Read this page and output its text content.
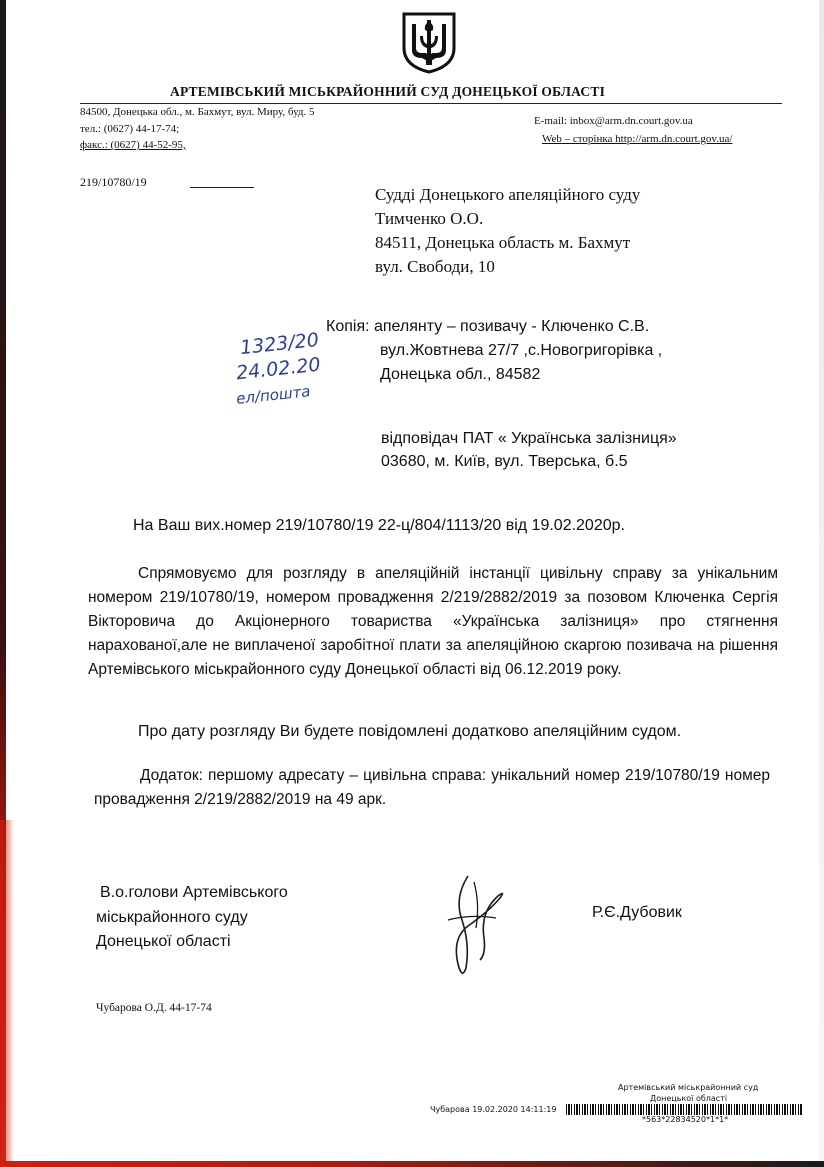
АРТЕМІВСЬКИЙ МІСЬКРАЙОННИЙ СУД ДОНЕЦЬКОЇ ОБЛАСТІ
84500, Донецька обл., м. Бахмут, вул. Миру, буд. 5
тел.: (0627) 44-17-74;
факс.: (0627) 44-52-95,
E-mail: inbox@arm.dn.court.gov.ua
Web – сторінка http://arm.dn.court.gov.ua/
219/10780/19
Судді Донецького апеляційного суду
Тимченко О.О.
84511, Донецька область м. Бахмут
вул. Свободи, 10
Копія: апелянту – позивачу - Ключенко С.В.
вул.Жовтнева 27/7 ,с.Новогригорівка ,
Донецька обл., 84582
1323/20
24.02.20
ел/пошта
відповідач ПАТ « Українська залізниця»
03680, м. Київ, вул. Тверська, б.5
На Ваш вих.номер 219/10780/19 22-ц/804/1113/20 від 19.02.2020р.
Спрямовуємо для розгляду в апеляційній інстанції цивільну справу за унікальним номером 219/10780/19, номером провадження 2/219/2882/2019 за позовом Ключенка Сергія Вікторовича до Акціонерного товариства «Українська залізниця» про стягнення нарахованої,але не виплаченої заробітної плати за апеляційною скаргою позивача на рішення Артемівського міськрайонного суду Донецької області від 06.12.2019 року.
Про дату розгляду Ви будете повідомлені додатково апеляційним судом.
Додаток: першому адресату – цивільна справа: унікальний номер 219/10780/19 номер провадження 2/219/2882/2019 на 49 арк.
В.о.голови Артемівського
міськрайонного суду
Донецької області
Р.Є.Дубовик
Чубарова О.Д. 44-17-74
Артемівський міськрайонний суд
Донецької області
Чубарова 19.02.2020 14:11:19
*563*22834520*1*1*
